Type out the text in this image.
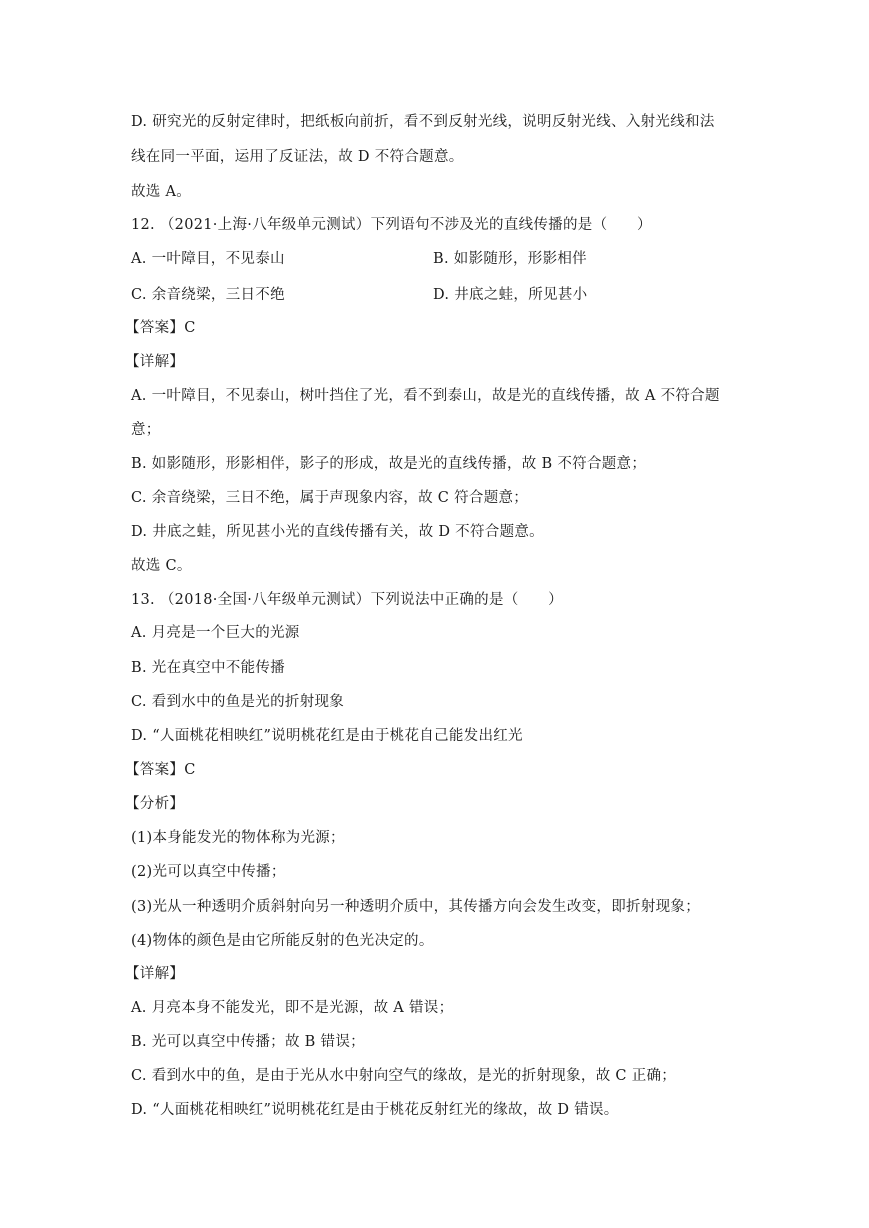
D. 研究光的反射定律时，把纸板向前折，看不到反射光线，说明反射光线、入射光线和法
线在同一平面，运用了反证法，故 D 不符合题意。
故选 A。
12. （2021·上海·八年级单元测试）下列语句不涉及光的直线传播的是（　　）
A. 一叶障目，不见泰山	B. 如影随形，形影相伴
C. 余音绕梁，三日不绝	D. 井底之蛙，所见甚小
【答案】C
【详解】
A. 一叶障目，不见泰山，树叶挡住了光，看不到泰山，故是光的直线传播，故 A 不符合题
意；
B. 如影随形，形影相伴，影子的形成，故是光的直线传播，故 B 不符合题意；
C. 余音绕梁，三日不绝，属于声现象内容，故 C 符合题意；
D. 井底之蛙，所见甚小光的直线传播有关，故 D 不符合题意。
故选 C。
13. （2018·全国·八年级单元测试）下列说法中正确的是（　　）
A. 月亮是一个巨大的光源
B. 光在真空中不能传播
C. 看到水中的鱼是光的折射现象
D. “人面桃花相映红”说明桃花红是由于桃花自己能发出红光
【答案】C
【分析】
(1)本身能发光的物体称为光源；
(2)光可以真空中传播；
(3)光从一种透明介质斜射向另一种透明介质中，其传播方向会发生改变，即折射现象；
(4)物体的颜色是由它所能反射的色光决定的。
【详解】
A. 月亮本身不能发光，即不是光源，故 A 错误；
B. 光可以真空中传播；故 B 错误；
C. 看到水中的鱼，是由于光从水中射向空气的缘故，是光的折射现象，故 C 正确；
D. “人面桃花相映红”说明桃花红是由于桃花反射红光的缘故，故 D 错误。
